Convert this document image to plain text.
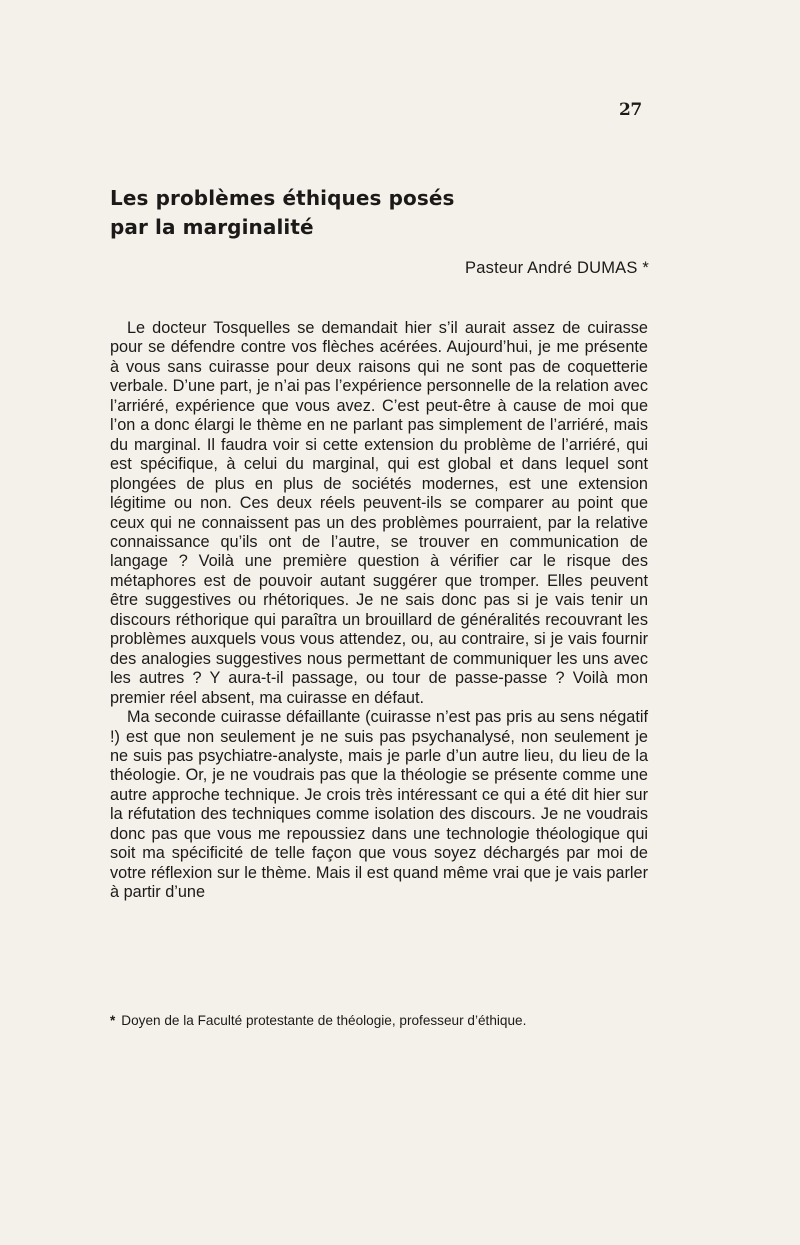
27
Les problèmes éthiques posés
par la marginalité
Pasteur André DUMAS *

Le docteur Tosquelles se demandait hier s’il aurait assez de cuirasse pour se défendre contre vos flèches acérées. Aujourd’hui, je me présente à vous sans cuirasse pour deux raisons qui ne sont pas de coquetterie verbale. D’une part, je n’ai pas l’expérience personnelle de la relation avec l’arriéré, expérience que vous avez. C’est peut-être à cause de moi que l’on a donc élargi le thème en ne parlant pas simplement de l’arriéré, mais du marginal. Il faudra voir si cette extension du problème de l’arriéré, qui est spécifique, à celui du marginal, qui est global et dans lequel sont plongées de plus en plus de sociétés modernes, est une extension légitime ou non. Ces deux réels peuvent-ils se comparer au point que ceux qui ne connaissent pas un des problèmes pourraient, par la relative connaissance qu’ils ont de l’autre, se trouver en communication de langage ? Voilà une première question à vérifier car le risque des métaphores est de pouvoir autant suggérer que tromper. Elles peuvent être suggestives ou rhétoriques. Je ne sais donc pas si je vais tenir un discours réthorique qui paraîtra un brouillard de généralités recouvrant les problèmes auxquels vous vous attendez, ou, au contraire, si je vais fournir des analogies suggestives nous permettant de communiquer les uns avec les autres ? Y aura-t-il passage, ou tour de passe-passe ? Voilà mon premier réel absent, ma cuirasse en défaut.

Ma seconde cuirasse défaillante (cuirasse n’est pas pris au sens négatif !) est que non seulement je ne suis pas psychanalysé, non seulement je ne suis pas psychiatre-analyste, mais je parle d’un autre lieu, du lieu de la théologie. Or, je ne voudrais pas que la théologie se présente comme une autre approche technique. Je crois très intéressant ce qui a été dit hier sur la réfutation des techniques comme isolation des discours. Je ne voudrais donc pas que vous me repoussiez dans une technologie théologique qui soit ma spécificité de telle façon que vous soyez déchargés par moi de votre réflexion sur le thème. Mais il est quand même vrai que je vais parler à partir d’une

* Doyen de la Faculté protestante de théologie, professeur d’éthique.
